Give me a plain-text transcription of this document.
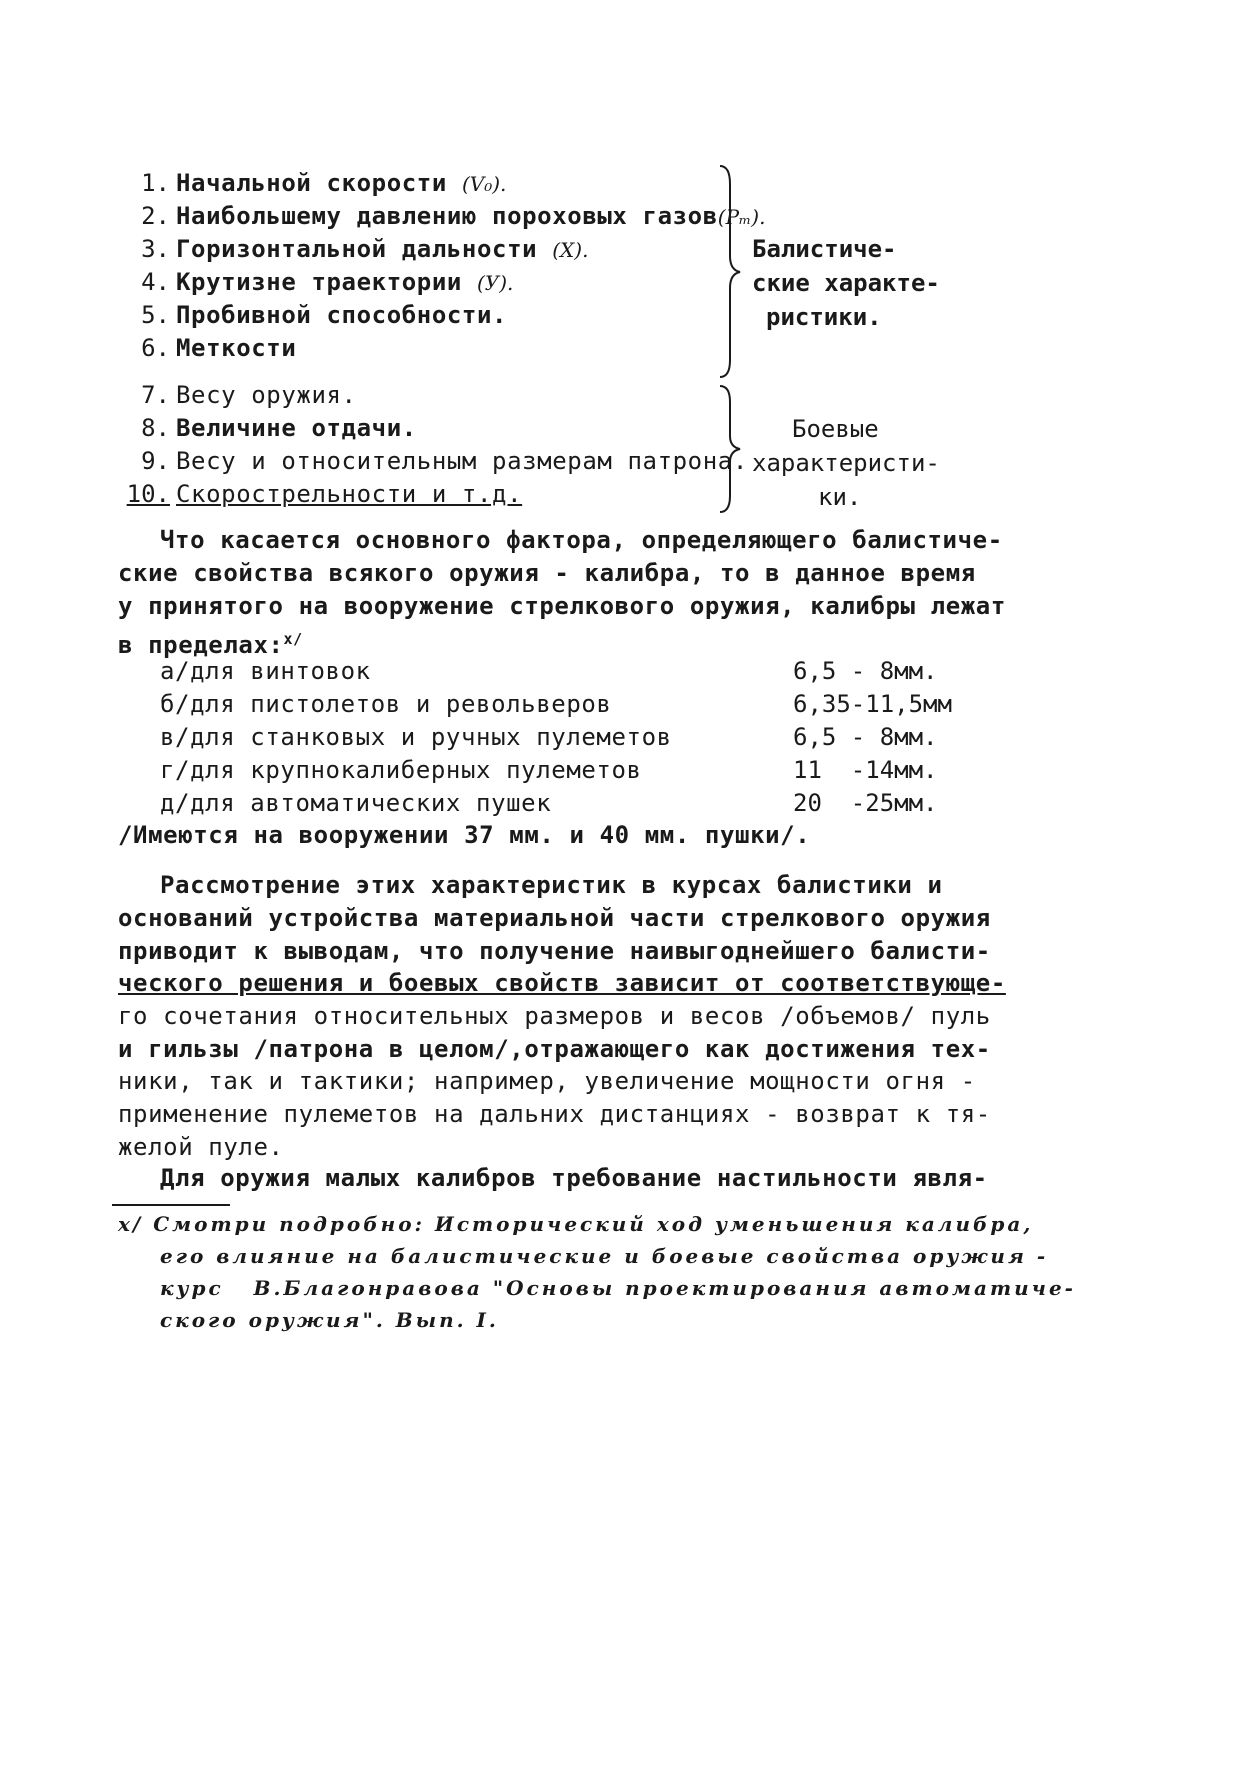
1. Начальной скорости (V₀).
2. Наибольшему давлению пороховых газов(Pₘ).
3. Горизонтальной дальности (X).
4. Крутизне траектории (У).
5. Пробивной способности.
6. Меткости
Балистиче-
ские характе-
ристики.
7. Весу оружия.
8. Величине отдачи.
9. Весу и относительным размерам патрона.
10. Скорострельности и т.д.
Боевые
характеристи-
ки.
Что касается основного фактора, определяющего балистиче-
ские свойства всякого оружия - калибра, то в данное время
у принятого на вооружение стрелкового оружия, калибры лежат
в пределах:$^{x/}$
а/для винтовок	6,5 - 8мм.
б/для пистолетов и револьверов	6,35-11,5мм
в/для станковых и ручных пулеметов	6,5 - 8мм.
г/для крупнокалиберных пулеметов	11  -14мм.
д/для автоматических пушек	20  -25мм.
/Имеются на вооружении 37 мм. и 40 мм. пушки/.
Рассмотрение этих характеристик в курсах балистики и
оснований устройства материальной части стрелкового оружия
приводит к выводам, что получение наивыгоднейшего балисти-
ческого решения и боевых свойств зависит от соответствующе-
го сочетания относительных размеров и весов /объемов/ пуль
и гильзы /патрона в целом/,отражающего как достижения тех-
ники, так и тактики; например, увеличение мощности огня -
применение пулеметов на дальних дистанциях - возврат к тя-
желой пуле.
Для оружия малых калибров требование настильности явля-
x/ Смотри подробно: Исторический ход уменьшения калибра,
его влияние на балистические и боевые свойства оружия -
курс   В.Благонравова "Основы проектирования автоматиче-
ского оружия". Вып. I.
